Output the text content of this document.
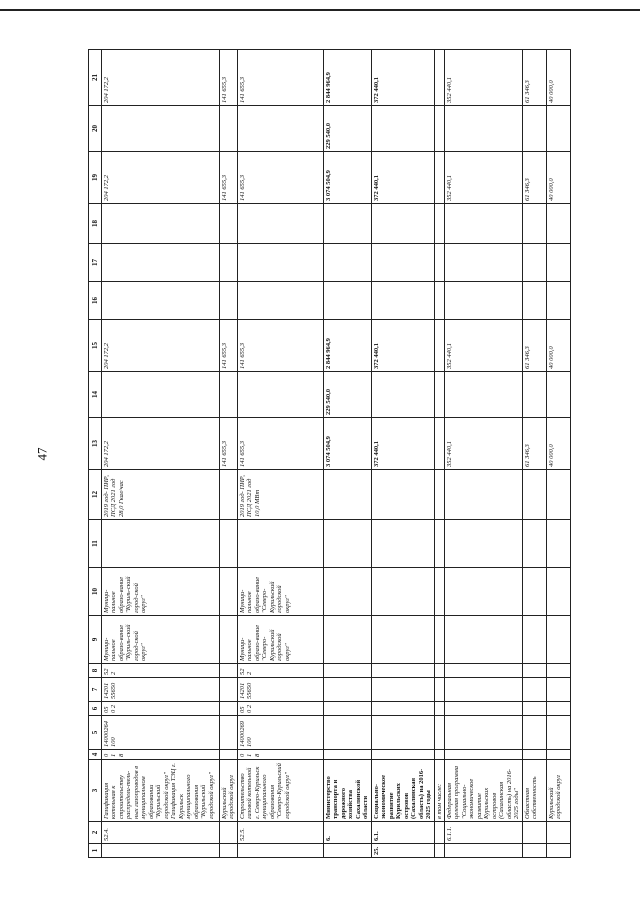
47
1	2	3	4	5	6	7	8	9	10	11	12	13	14	15	16	17	18	19	20	21
	52.4.	Газификация котельная к строительству распредели-тель-ных газопроводов в муниципальном образовании "Курильский городской округ" Газификация ТЭЦ г. Курильск муниципального образования "Курильский городской округ"	0 1 8	14000264 100	050 2	14201 55650	522	Муници-пальное образо-вание "Куриль-ский город-ской округ"	Муници-пальное образо-вание "Куриль-ский город-ской округ"		2019 год- ПИР, ПСД 2021 год 28,0 Гкал/час	204 172,2		204 172,2				204 172,2		204 172,2
		Курильский городской округ										141 655,3		141 655,3				141 655,3		141 655,3
	52.5.	Строительство газовой котельной г. Северо-Курильск муниципального образования "Северо-Курильский городской округ"	0 1 8	14000269 100	050 2	14201 55650	522	Муници-пальное образо-вание "Северо-Курильский городской округ"	Муници-пальное образо-вание "Северо-Курильский городской округ"		2019 год- ПИР, ПСД 2021 год 10,0 МВт	141 655,3		141 655,3				141 655,3		141 655,3
	6.	Министерство транспорта и дорожного хозяйства Сахалинской области										3 074 504,9	229 540,0	2 844 964,9				3 074 504,9	229 540,0	2 844 964,9
25.	6.1.	Социально-экономическое развитие Курильских островов (Сахалинская область) на 2016-2025 годы										372 440,1		372 440,1				372 440,1		372 440,1
		в том числе:																		
	6.1.1.	Федеральная целевая программа "Социально-экономическое развитие Курильских островов (Сахалинская область) на 2016-2025 годы"										352 440,1		352 440,1				352 440,1		352 440,1
		Областная собственность										61 346,3		61 346,3				61 346,3		61 346,3
		Курильский городской округ										40 000,0		40 000,0				40 000,0		40 000,0
